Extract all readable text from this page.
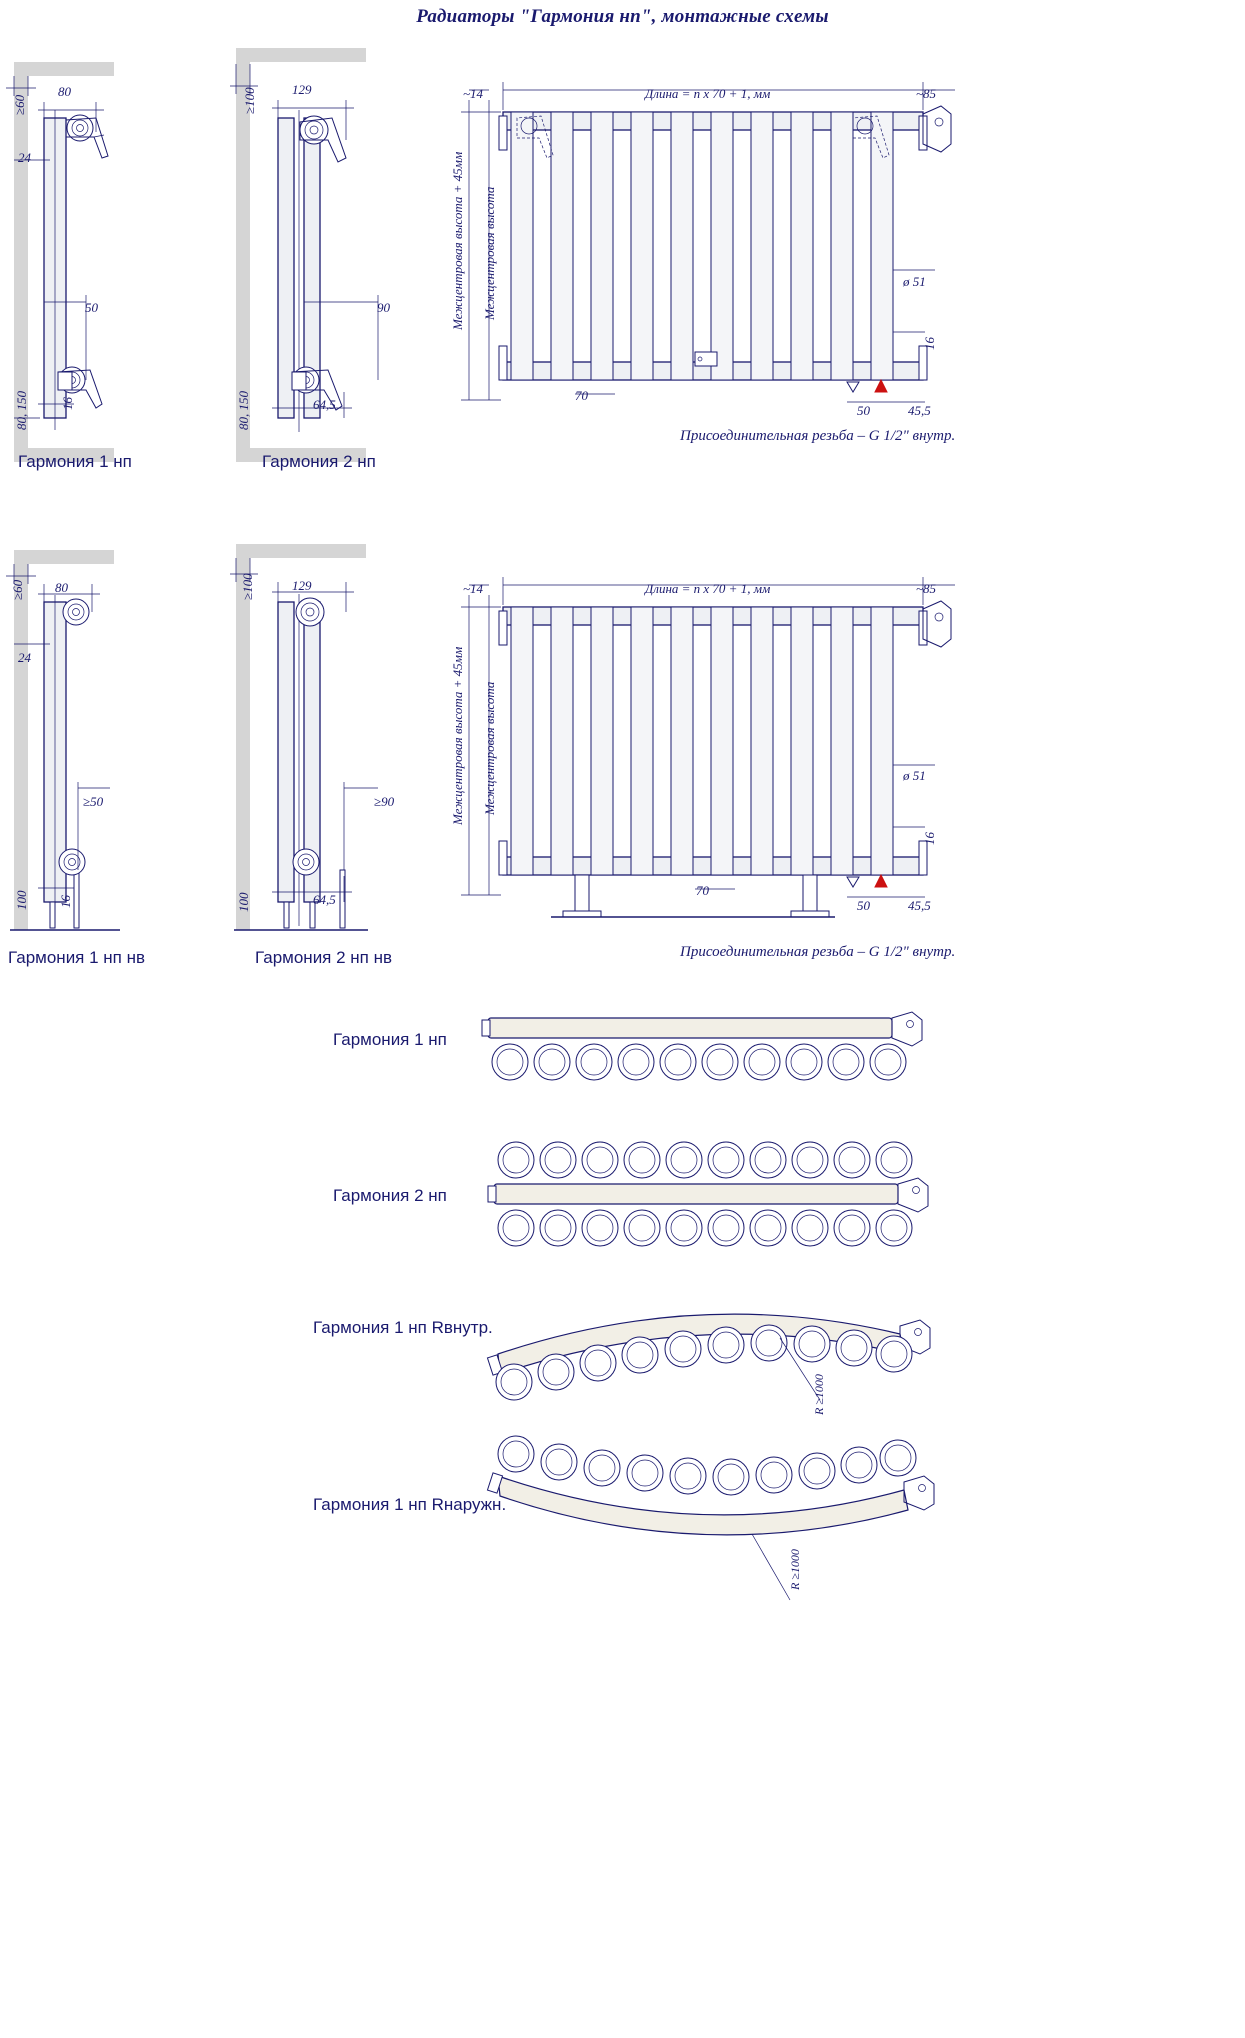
Радиаторы "Гармония нп", монтажные схемы
≥60
80
24
50
16
80, 150
Гармония 1 нп
≥100	129
90
64,5
80, 150
Гармония 2 нп
~14	Длина = n x 70 + 1, мм	~85
ø 51
16
70
50	45,5
Межцентровая высота + 45мм Межцентровая высота
Присоединительная резьба – G 1/2" внутр.
≥60 80
24
≥50
16
100
Гармония 1 нп нв
≥100	129
≥90
64,5
100
Гармония 2 нп нв
~14	Длина = n x 70 + 1, мм	~85
ø 51
16
70
50	45,5
Межцентровая высота + 45мм Межцентровая высота
Присоединительная резьба – G 1/2" внутр.
Гармония 1 нп
Гармония 2 нп
Гармония 1 нп Rвнутр.
R ≥1000
Гармония 1 нп Rнаружн.
R ≥1000
